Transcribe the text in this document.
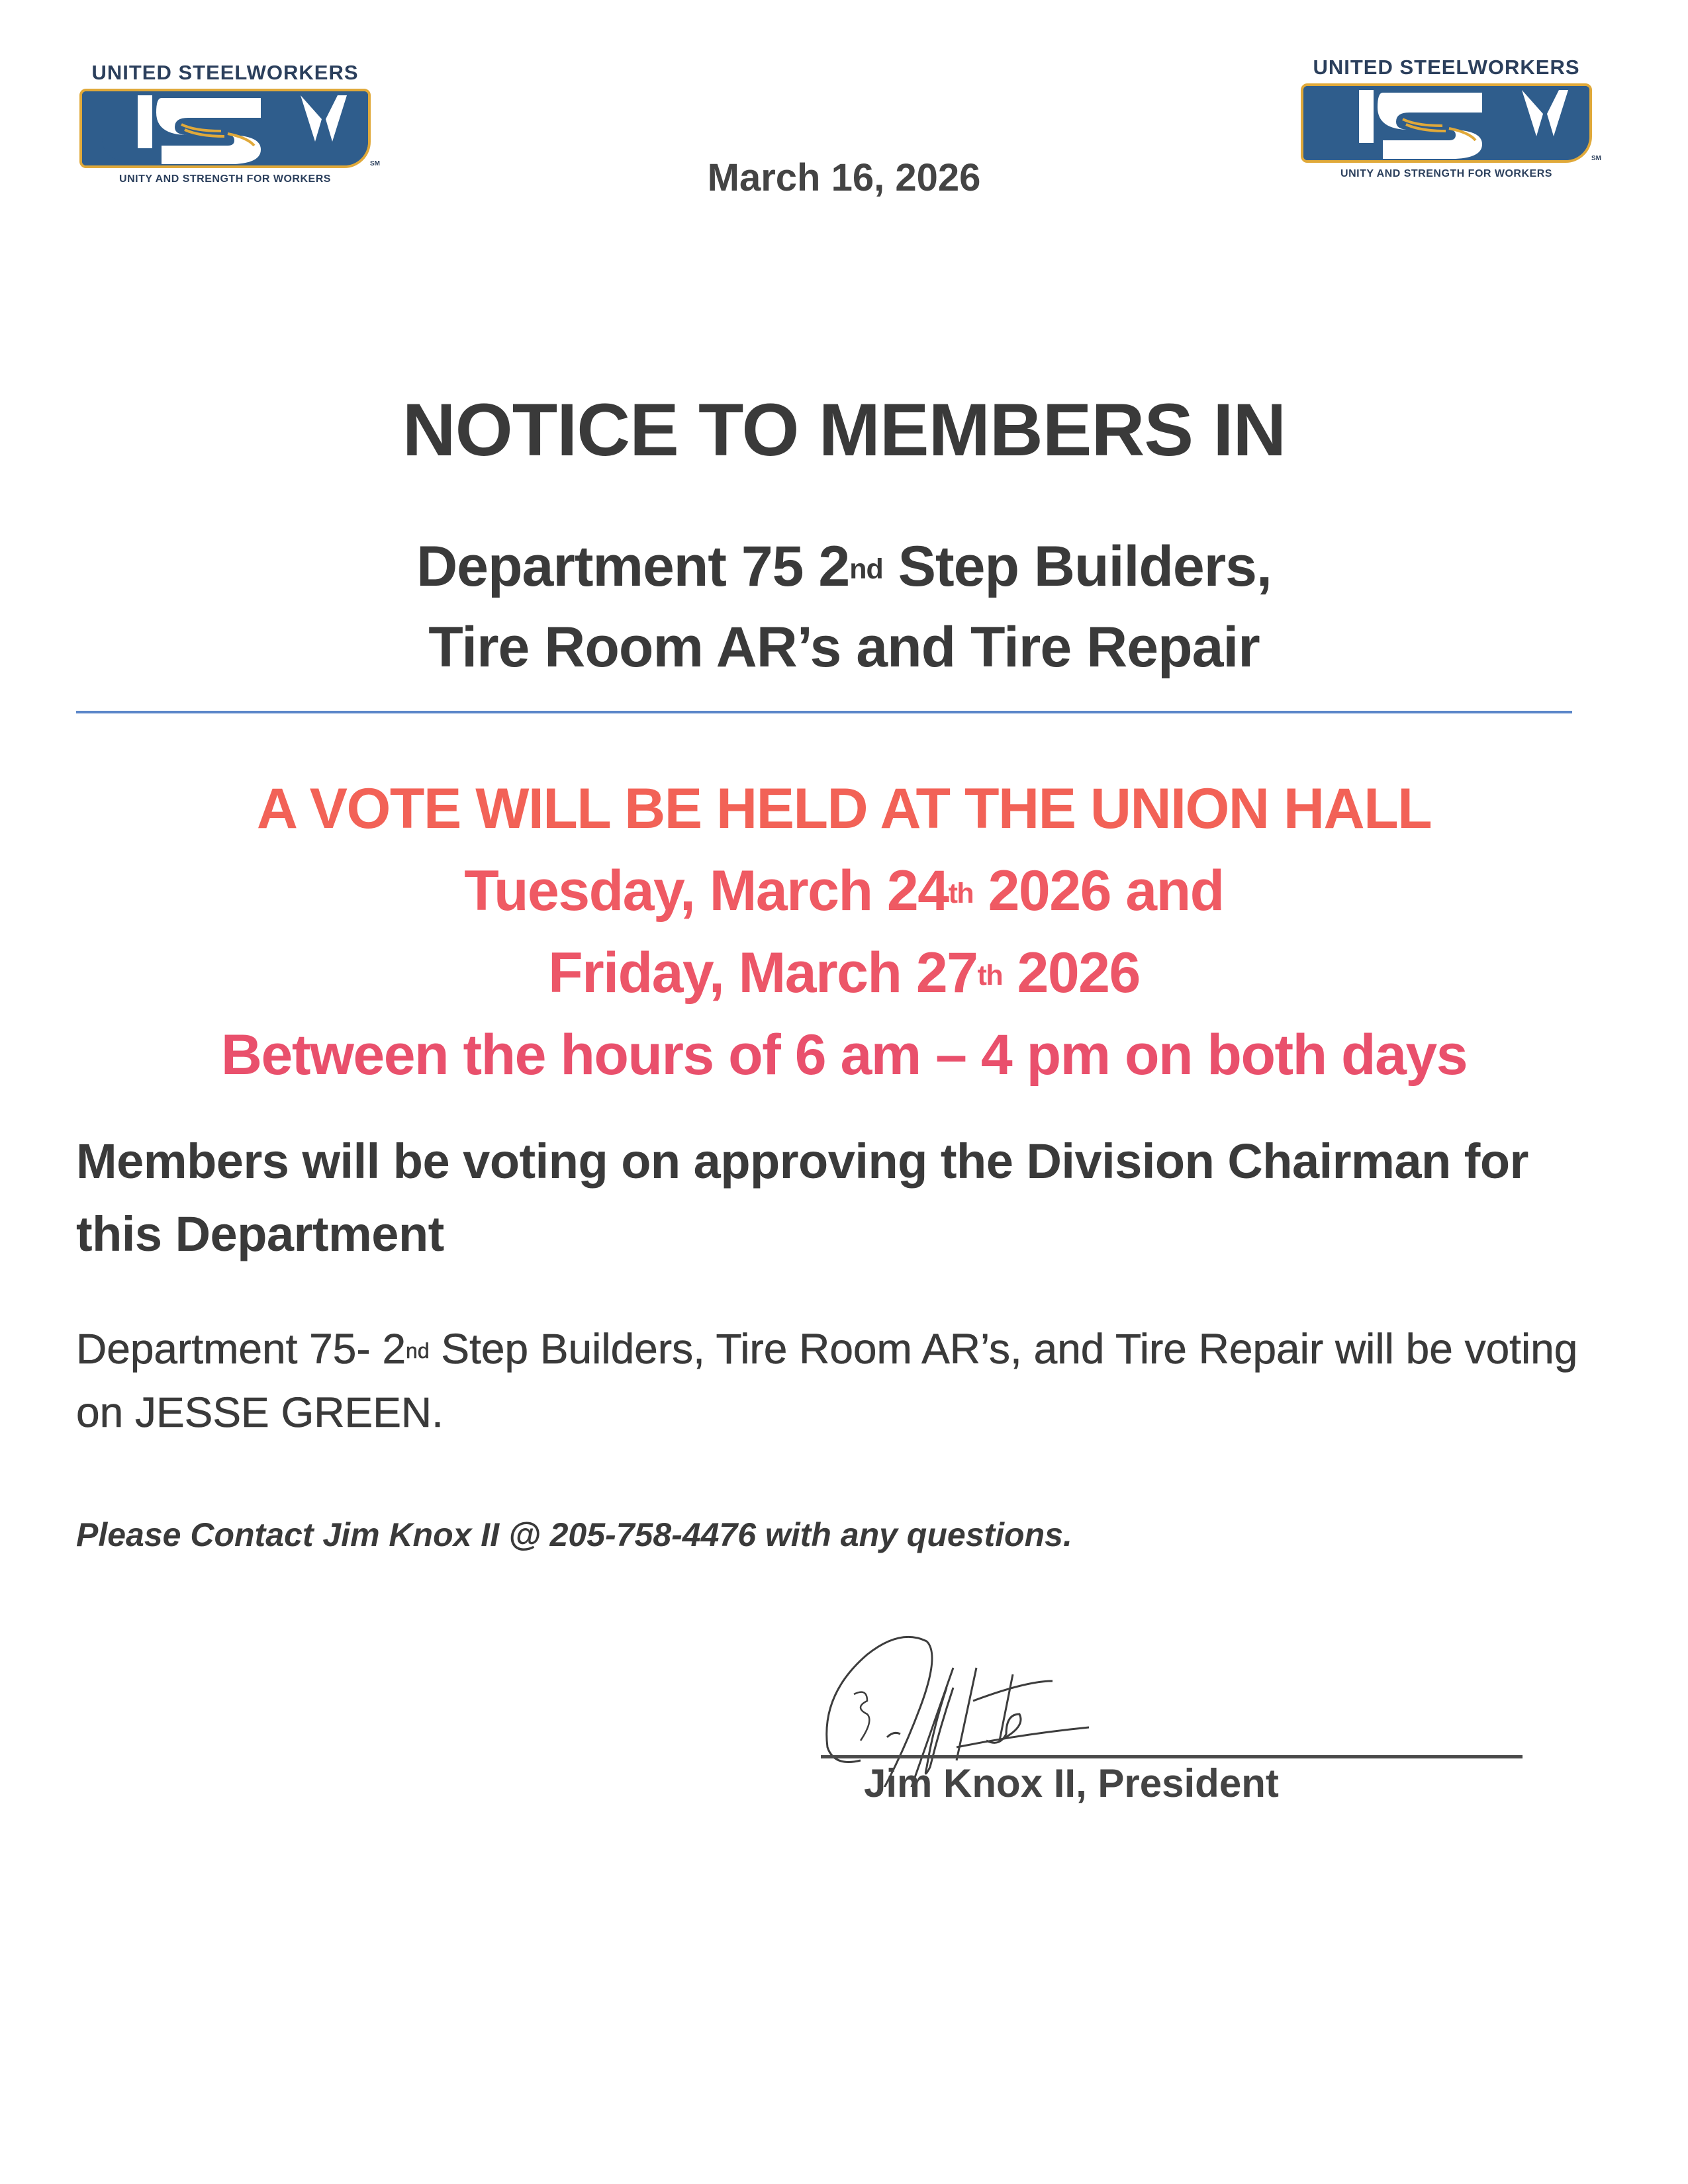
UNITED STEELWORKERS
UNITY AND STRENGTH FOR WORKERS
SM
UNITED STEELWORKERS
UNITY AND STRENGTH FOR WORKERS
SM
March 16, 2026
NOTICE TO MEMBERS IN
Department 75 2nd Step Builders,
Tire Room AR’s and Tire Repair
A VOTE WILL BE HELD AT THE UNION HALL
Tuesday, March 24th 2026 and
Friday, March 27th 2026
Between the hours of 6 am – 4 pm on both days
Members will be voting on approving the Division Chairman for this Department
Department 75- 2nd Step Builders, Tire Room AR’s, and Tire Repair will be voting on JESSE GREEN.
Please Contact Jim Knox II @ 205-758-4476 with any questions.
Jim Knox II, President
